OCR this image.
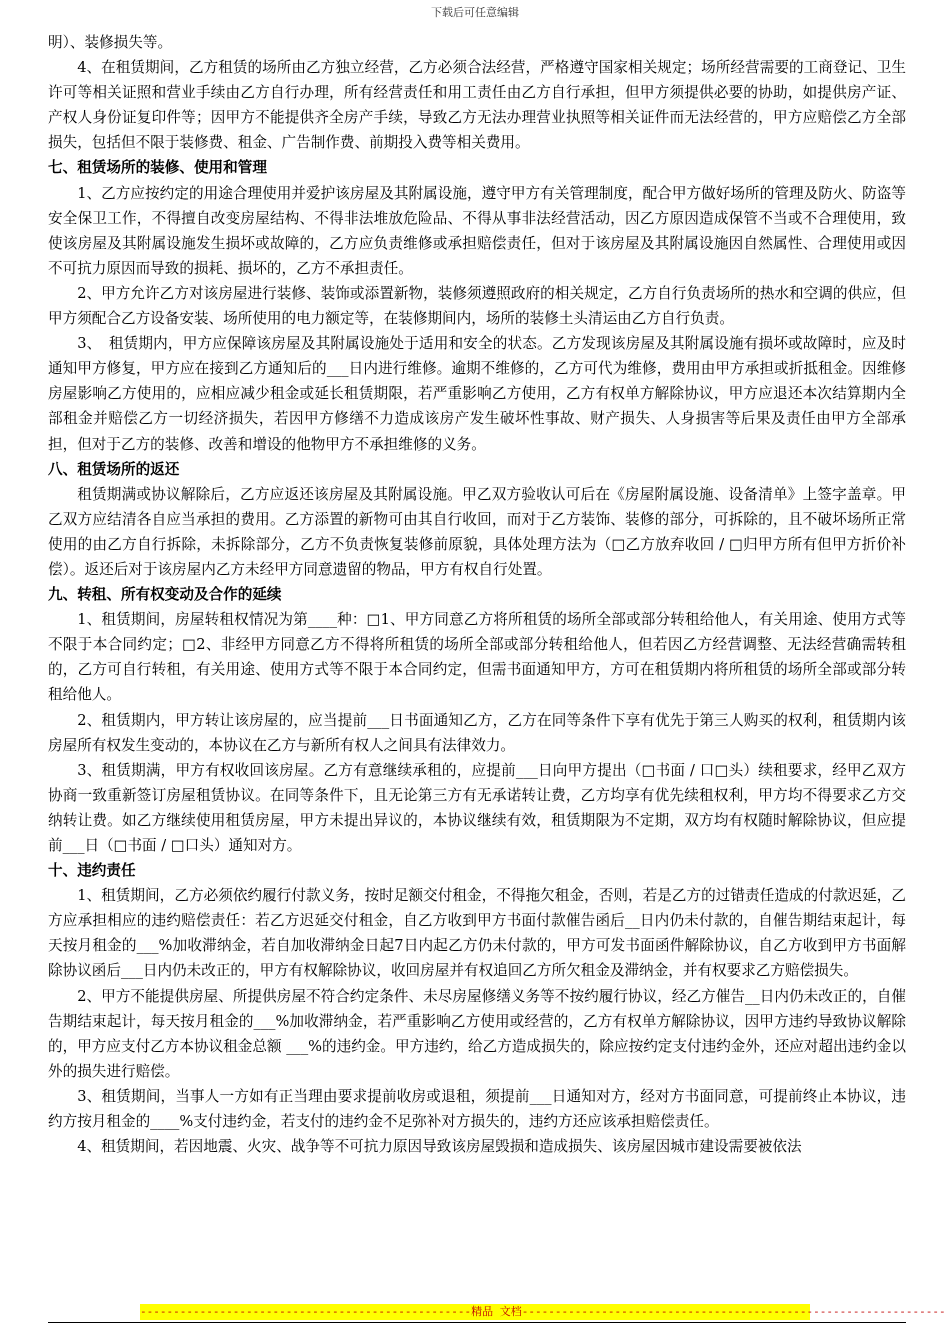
下载后可任意编辑

明）、装修损失等。

4、在租赁期间，乙方租赁的场所由乙方独立经营，乙方必须合法经营，严格遵守国家相关规定；场所经营需要的工商登记、卫生许可等相关证照和营业手续由乙方自行办理，所有经营责任和用工责任由乙方自行承担，但甲方须提供必要的协助，如提供房产证、产权人身份证复印件等；因甲方不能提供齐全房产手续，导致乙方无法办理营业执照等相关证件而无法经营的，甲方应赔偿乙方全部损失，包括但不限于装修费、租金、广告制作费、前期投入费等相关费用。

七、租赁场所的装修、使用和管理

1、乙方应按约定的用途合理使用并爱护该房屋及其附属设施，遵守甲方有关管理制度，配合甲方做好场所的管理及防火、防盗等安全保卫工作，不得擅自改变房屋结构、不得非法堆放危险品、不得从事非法经营活动，因乙方原因造成保管不当或不合理使用，致使该房屋及其附属设施发生损坏或故障的，乙方应负责维修或承担赔偿责任，但对于该房屋及其附属设施因自然属性、合理使用或因不可抗力原因而导致的损耗、损坏的，乙方不承担责任。

2、甲方允许乙方对该房屋进行装修、装饰或添置新物，装修须遵照政府的相关规定，乙方自行负责场所的热水和空调的供应，但甲方须配合乙方设备安装、场所使用的电力额定等，在装修期间内，场所的装修土头清运由乙方自行负责。

3、　租赁期内，甲方应保障该房屋及其附属设施处于适用和安全的状态。乙方发现该房屋及其附属设施有损坏或故障时，应及时通知甲方修复，甲方应在接到乙方通知后的___日内进行维修。逾期不维修的，乙方可代为维修，费用由甲方承担或折抵租金。因维修房屋影响乙方使用的，应相应减少租金或延长租赁期限，若严重影响乙方使用，乙方有权单方解除协议，甲方应退还本次结算期内全部租金并赔偿乙方一切经济损失，若因甲方修缮不力造成该房产发生破坏性事故、财产损失、人身损害等后果及责任由甲方全部承担，但对于乙方的装修、改善和增设的他物甲方不承担维修的义务。

八、租赁场所的返还

租赁期满或协议解除后，乙方应返还该房屋及其附属设施。甲乙双方验收认可后在《房屋附属设施、设备清单》上签字盖章。甲乙双方应结清各自应当承担的费用。乙方添置的新物可由其自行收回，而对于乙方装饰、装修的部分，可拆除的，且不破坏场所正常使用的由乙方自行拆除，未拆除部分，乙方不负责恢复装修前原貌，具体处理方法为（□乙方放弃收回 / □归甲方所有但甲方折价补偿）。返还后对于该房屋内乙方未经甲方同意遗留的物品，甲方有权自行处置。

九、转租、所有权变动及合作的延续

1、租赁期间，房屋转租权情况为第____种：□1、甲方同意乙方将所租赁的场所全部或部分转租给他人，有关用途、使用方式等不限于本合同约定；□2、非经甲方同意乙方不得将所租赁的场所全部或部分转租给他人，但若因乙方经营调整、无法经营确需转租的，乙方可自行转租，有关用途、使用方式等不限于本合同约定，但需书面通知甲方，方可在租赁期内将所租赁的场所全部或部分转租给他人。

2、租赁期内，甲方转让该房屋的，应当提前___日书面通知乙方，乙方在同等条件下享有优先于第三人购买的权利，租赁期内该房屋所有权发生变动的，本协议在乙方与新所有权人之间具有法律效力。

3、租赁期满，甲方有权收回该房屋。乙方有意继续承租的，应提前___日向甲方提出（□书面 / 口□头）续租要求，经甲乙双方协商一致重新签订房屋租赁协议。在同等条件下，且无论第三方有无承诺转让费，乙方均享有优先续租权利，甲方均不得要求乙方交纳转让费。如乙方继续使用租赁房屋，甲方未提出异议的，本协议继续有效，租赁期限为不定期，双方均有权随时解除协议，但应提前___日（□书面 / □口头）通知对方。

十、违约责任

1、租赁期间，乙方必须依约履行付款义务，按时足额交付租金，不得拖欠租金，否则，若是乙方的过错责任造成的付款迟延，乙方应承担相应的违约赔偿责任：若乙方迟延交付租金，自乙方收到甲方书面付款催告函后__日内仍未付款的，自催告期结束起计，每天按月租金的___%加收滞纳金，若自加收滞纳金日起7日内起乙方仍未付款的，甲方可发书面函件解除协议，自乙方收到甲方书面解除协议函后___日内仍未改正的，甲方有权解除协议，收回房屋并有权追回乙方所欠租金及滞纳金，并有权要求乙方赔偿损失。

2、甲方不能提供房屋、所提供房屋不符合约定条件、未尽房屋修缮义务等不按约履行协议，经乙方催告__日内仍未改正的，自催告期结束起计，每天按月租金的___%加收滞纳金，若严重影响乙方使用或经营的，乙方有权单方解除协议，因甲方违约导致协议解除的，甲方应支付乙方本协议租金总额 ___%的违约金。甲方违约，给乙方造成损失的，除应按约定支付违约金外，还应对超出违约金以外的损失进行赔偿。

3、租赁期间，当事人一方如有正当理由要求提前收房或退租，须提前___日通知对方，经对方书面同意，可提前终止本协议，违约方按月租金的____%支付违约金，若支付的违约金不足弥补对方损失的，违约方还应该承担赔偿责任。

4、租赁期间，若因地震、火灾、战争等不可抗力原因导致该房屋毁损和造成损失、该房屋因城市建设需要被依法

--------------------------------------------------精品 文档----------------------------------------------------------------
